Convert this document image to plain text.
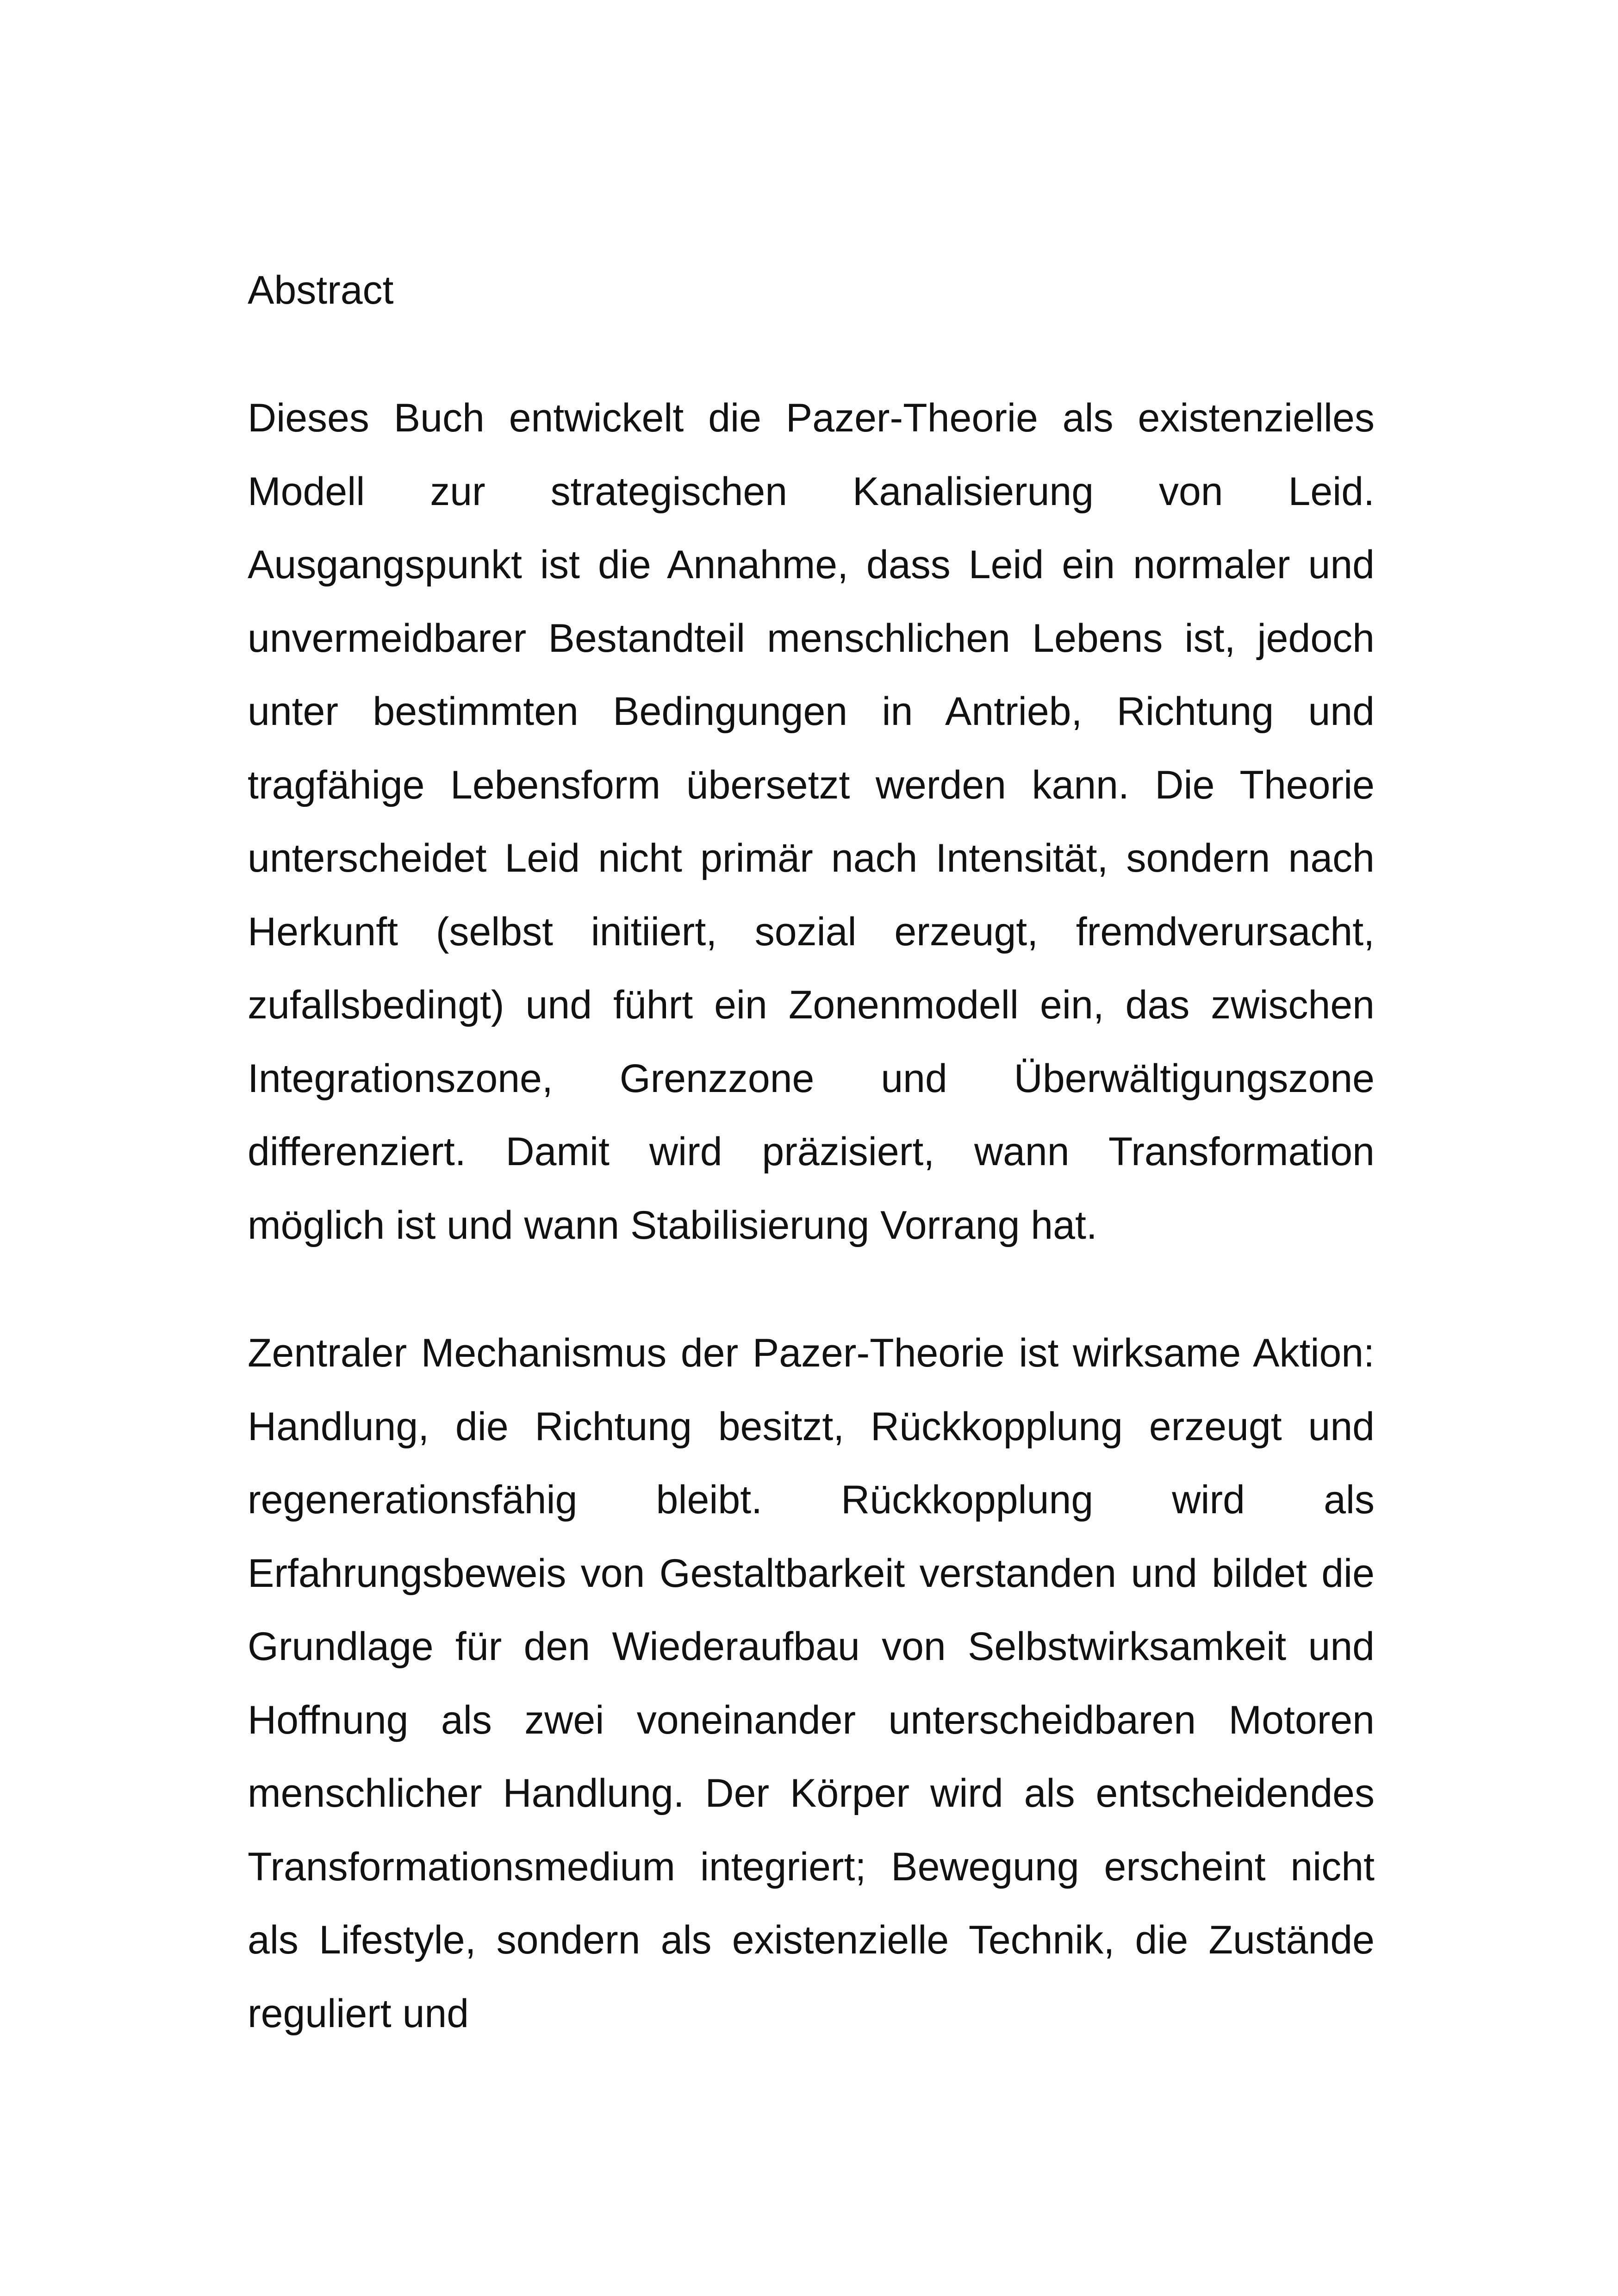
Abstract

Dieses Buch entwickelt die Pazer-Theorie als existenzielles Modell zur strategischen Kanalisierung von Leid. Ausgangspunkt ist die Annahme, dass Leid ein normaler und unvermeidbarer Bestandteil menschlichen Lebens ist, jedoch unter bestimmten Bedingungen in Antrieb, Richtung und tragfähige Lebensform übersetzt werden kann. Die Theorie unterscheidet Leid nicht primär nach Intensität, sondern nach Herkunft (selbst initiiert, sozial erzeugt, fremdverursacht, zufallsbedingt) und führt ein Zonenmodell ein, das zwischen Integrationszone, Grenzzone und Überwältigungszone differenziert. Damit wird präzisiert, wann Transformation möglich ist und wann Stabilisierung Vorrang hat.

Zentraler Mechanismus der Pazer-Theorie ist wirksame Aktion: Handlung, die Richtung besitzt, Rückkopplung erzeugt und regenerationsfähig bleibt. Rückkopplung wird als Erfahrungsbeweis von Gestaltbarkeit verstanden und bildet die Grundlage für den Wiederaufbau von Selbstwirksamkeit und Hoffnung als zwei voneinander unterscheidbaren Motoren menschlicher Handlung. Der Körper wird als entscheidendes Transformationsmedium integriert; Bewegung erscheint nicht als Lifestyle, sondern als existenzielle Technik, die Zustände reguliert und
